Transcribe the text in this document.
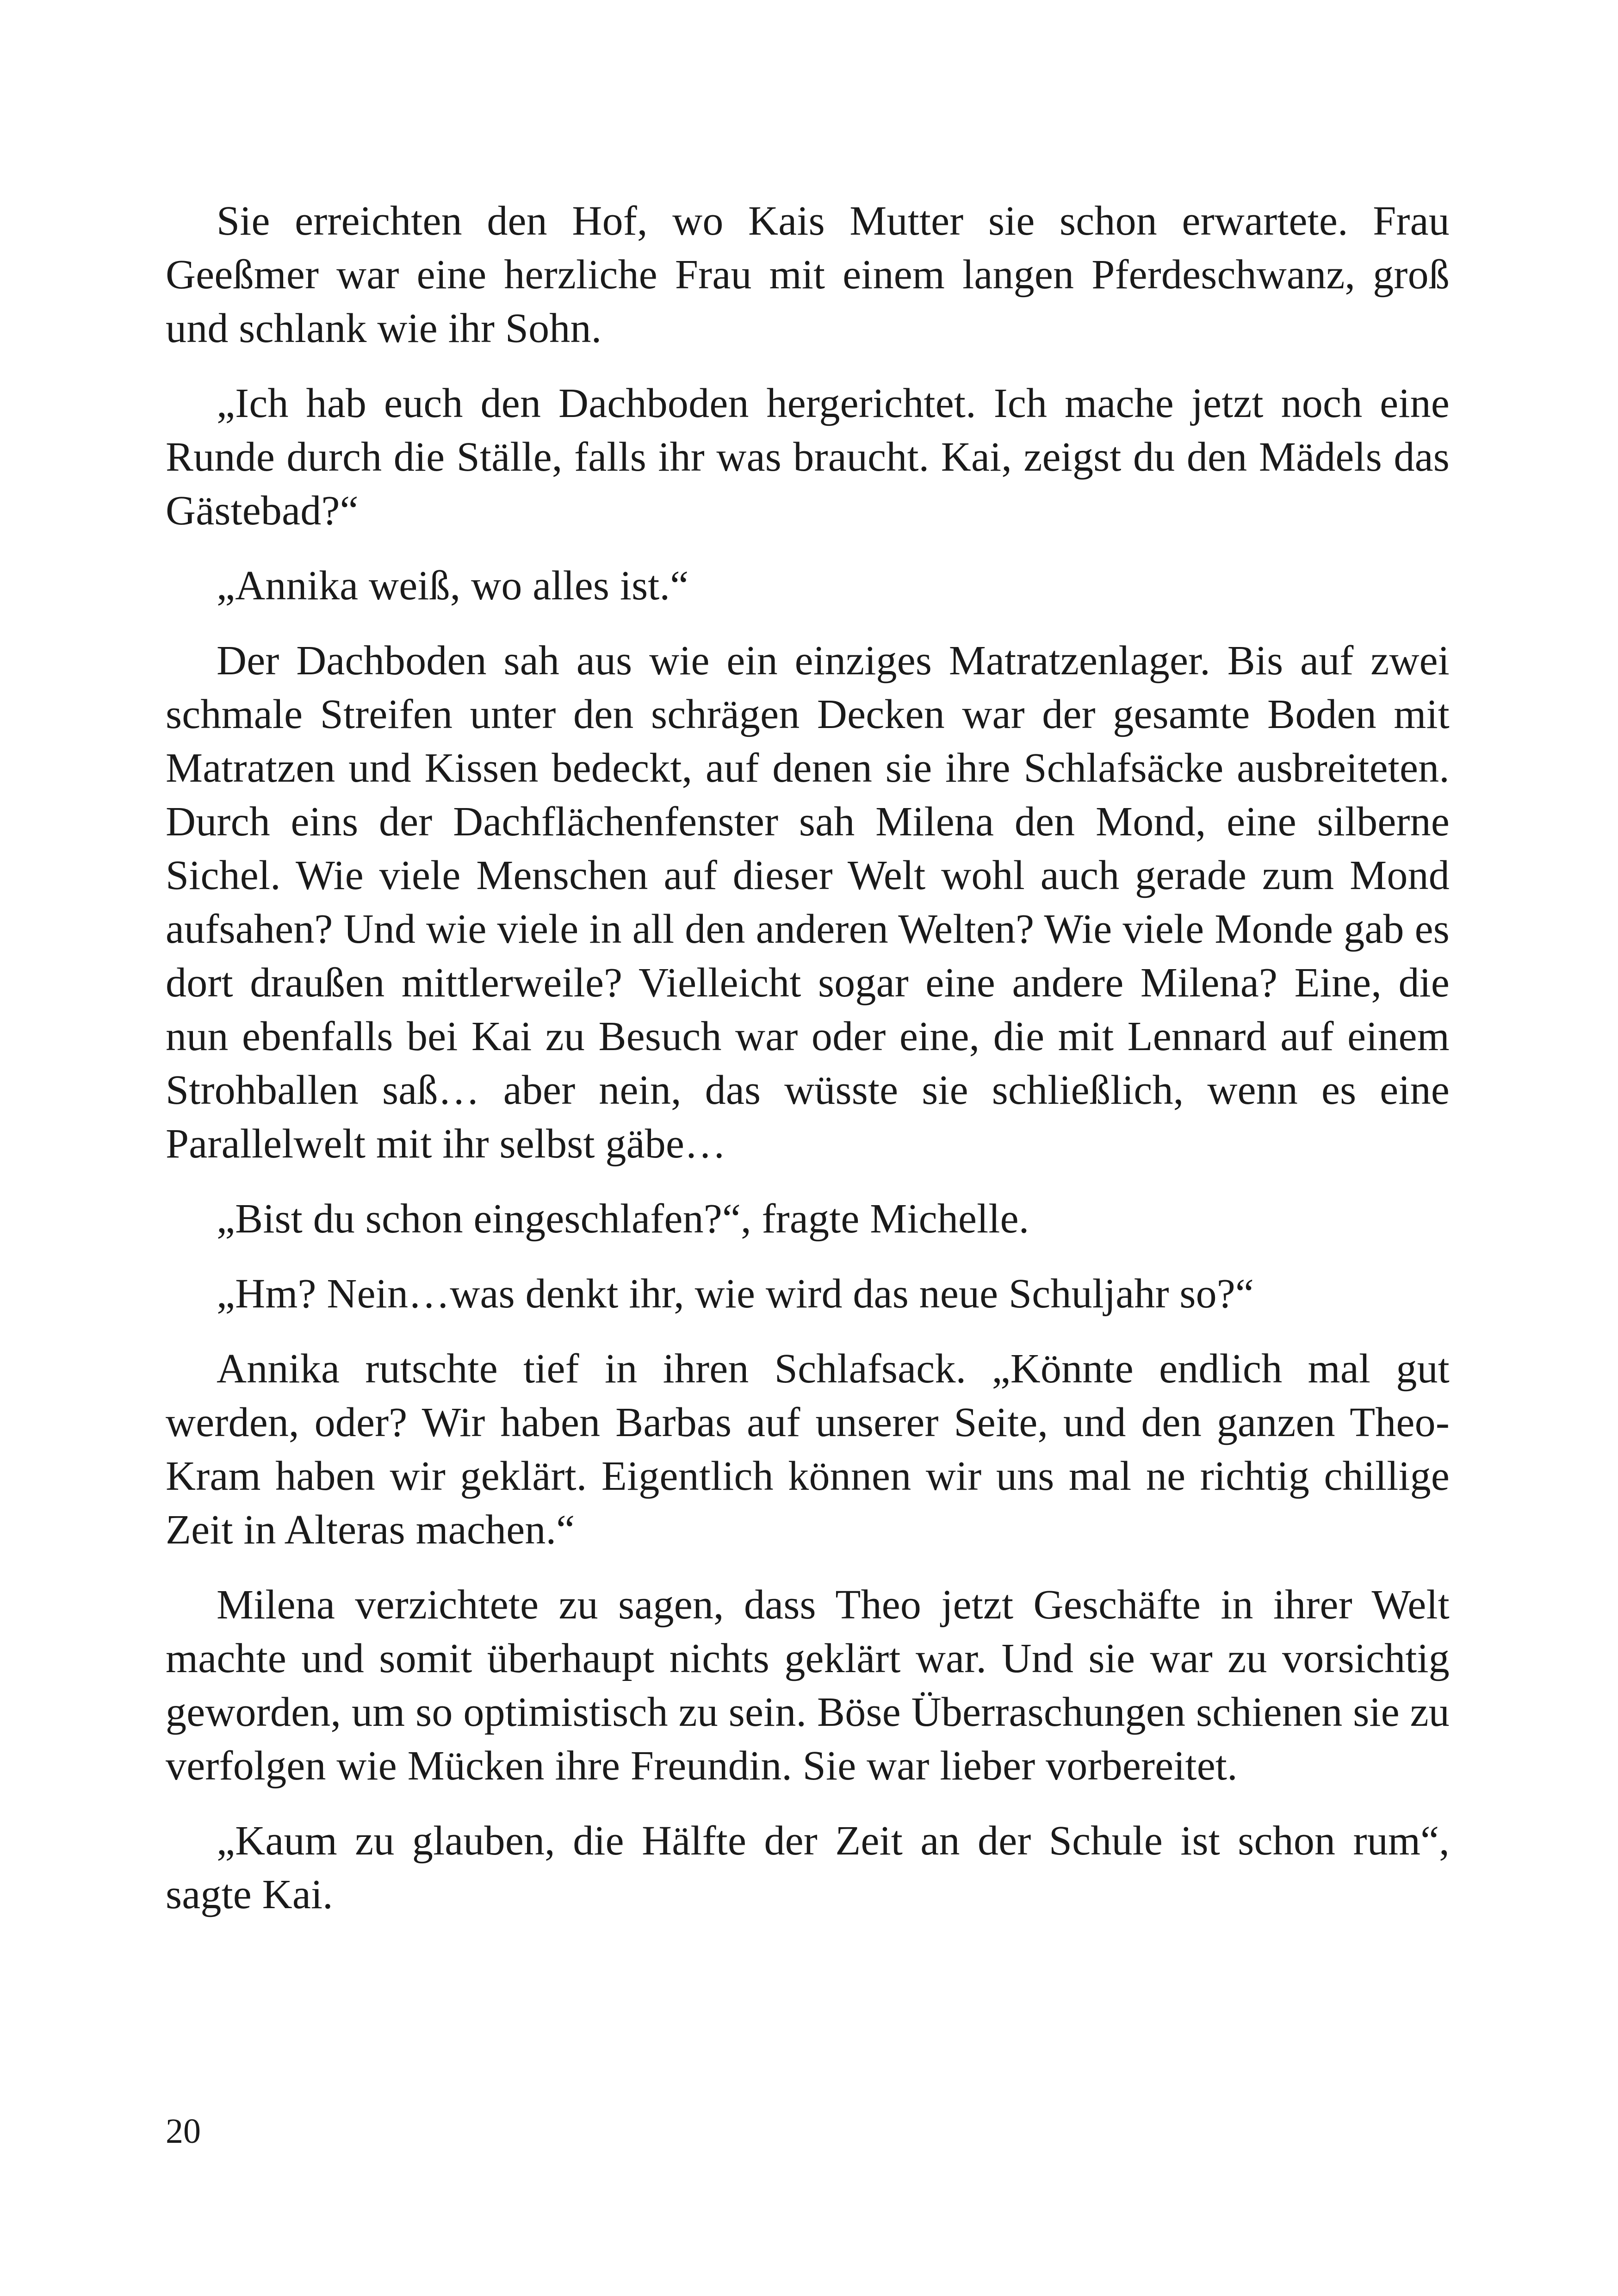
Sie erreichten den Hof, wo Kais Mutter sie schon erwartete. Frau Geeßmer war eine herzliche Frau mit einem langen Pferdeschwanz, groß und schlank wie ihr Sohn.

„Ich hab euch den Dachboden hergerichtet. Ich mache jetzt noch eine Runde durch die Ställe, falls ihr was braucht. Kai, zeigst du den Mädels das Gästebad?“

„Annika weiß, wo alles ist.“

Der Dachboden sah aus wie ein einziges Matratzenlager. Bis auf zwei schmale Streifen unter den schrägen Decken war der gesamte Boden mit Matratzen und Kissen bedeckt, auf denen sie ihre Schlafsäcke ausbreiteten. Durch eins der Dachflächenfenster sah Milena den Mond, eine silberne Sichel. Wie viele Menschen auf dieser Welt wohl auch gerade zum Mond aufsahen? Und wie viele in all den anderen Welten? Wie viele Monde gab es dort draußen mittlerweile? Vielleicht sogar eine andere Milena? Eine, die nun ebenfalls bei Kai zu Besuch war oder eine, die mit Lennard auf einem Strohballen saß… aber nein, das wüsste sie schließlich, wenn es eine Parallelwelt mit ihr selbst gäbe…

„Bist du schon eingeschlafen?“, fragte Michelle.

„Hm? Nein…was denkt ihr, wie wird das neue Schuljahr so?“

Annika rutschte tief in ihren Schlafsack. „Könnte endlich mal gut werden, oder? Wir haben Barbas auf unserer Seite, und den ganzen Theo-Kram haben wir geklärt. Eigentlich können wir uns mal ne richtig chillige Zeit in Alteras machen.“

Milena verzichtete zu sagen, dass Theo jetzt Geschäfte in ihrer Welt machte und somit überhaupt nichts geklärt war. Und sie war zu vorsichtig geworden, um so optimistisch zu sein. Böse Überraschungen schienen sie zu verfolgen wie Mücken ihre Freundin. Sie war lieber vorbereitet.

„Kaum zu glauben, die Hälfte der Zeit an der Schule ist schon rum“, sagte Kai.

20
